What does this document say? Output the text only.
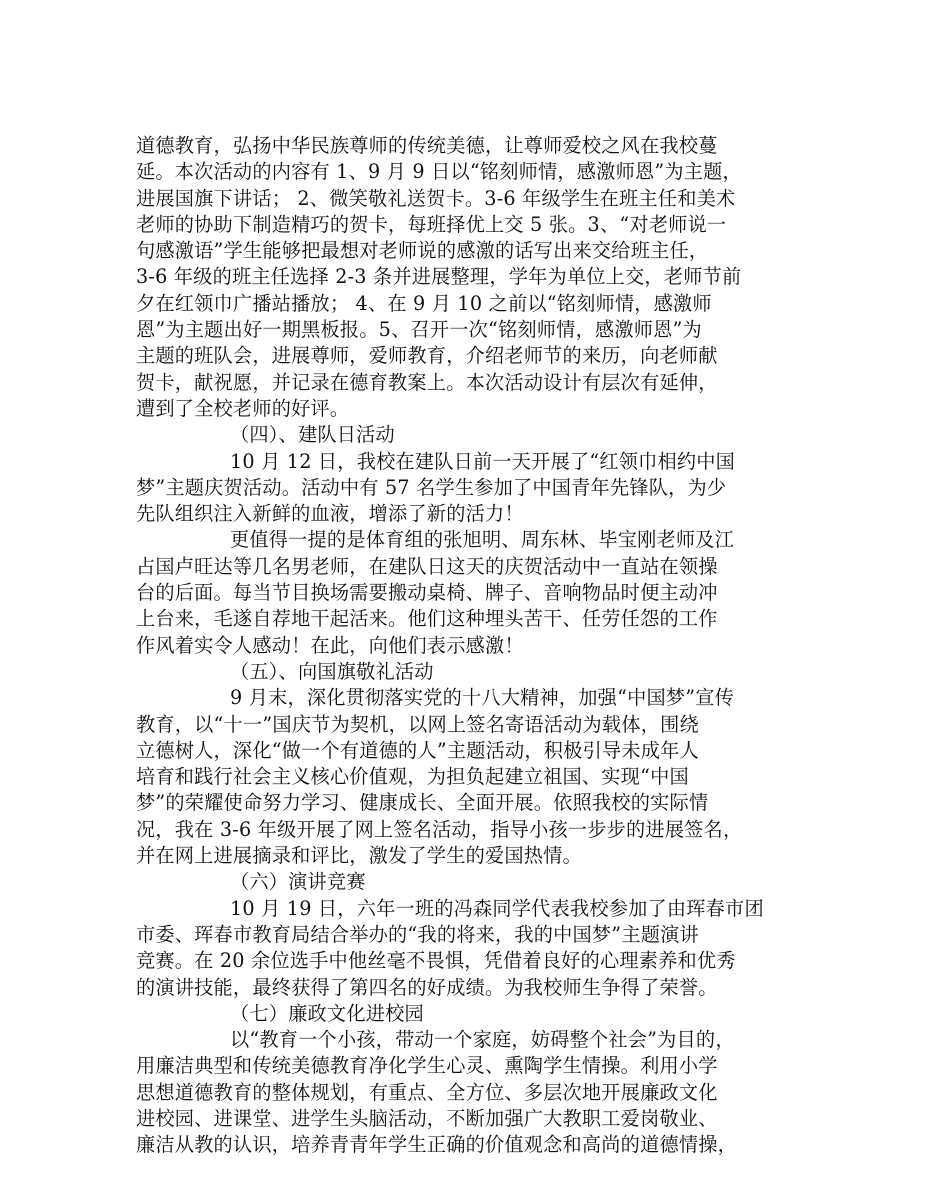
道德教育，弘扬中华民族尊师的传统美德，让尊师爱校之风在我校蔓
延。本次活动的内容有 1、9 月 9 日以“铭刻师情，感激师恩”为主题，
进展国旗下讲话； 2、微笑敬礼送贺卡。3-6 年级学生在班主任和美术
老师的协助下制造精巧的贺卡，每班择优上交 5 张。3、“对老师说一
句感激语”学生能够把最想对老师说的感激的话写出来交给班主任，
3-6 年级的班主任选择 2-3 条并进展整理，学年为单位上交，老师节前
夕在红领巾广播站播放； 4、在 9 月 10 之前以“铭刻师情，感激师
恩”为主题出好一期黑板报。5、召开一次“铭刻师情，感激师恩”为
主题的班队会，进展尊师，爱师教育，介绍老师节的来历，向老师献
贺卡，献祝愿，并记录在德育教案上。本次活动设计有层次有延伸，
遭到了全校老师的好评。
（四）、建队日活动
10 月 12 日，我校在建队日前一天开展了“红领巾相约中国
梦”主题庆贺活动。活动中有 57 名学生参加了中国青年先锋队，为少
先队组织注入新鲜的血液，增添了新的活力！
更值得一提的是体育组的张旭明、周东林、毕宝刚老师及江
占国卢旺达等几名男老师，在建队日这天的庆贺活动中一直站在领操
台的后面。每当节目换场需要搬动桌椅、牌子、音响物品时便主动冲
上台来，毛遂自荐地干起活来。他们这种埋头苦干、任劳任怨的工作
作风着实令人感动！在此，向他们表示感激！
（五）、向国旗敬礼活动
9 月末，深化贯彻落实党的十八大精神，加强“中国梦”宣传
教育，以“十一”国庆节为契机，以网上签名寄语活动为载体，围绕
立德树人，深化“做一个有道德的人”主题活动，积极引导未成年人
培育和践行社会主义核心价值观，为担负起建立祖国、实现“中国
梦”的荣耀使命努力学习、健康成长、全面开展。依照我校的实际情
况，我在 3-6 年级开展了网上签名活动，指导小孩一步步的进展签名，
并在网上进展摘录和评比，激发了学生的爱国热情。
（六）演讲竞赛
10 月 19 日，六年一班的冯森同学代表我校参加了由珲春市团
市委、珲春市教育局结合举办的“我的将来，我的中国梦”主题演讲
竞赛。在 20 余位选手中他丝毫不畏惧，凭借着良好的心理素养和优秀
的演讲技能，最终获得了第四名的好成绩。为我校师生争得了荣誉。
（七）廉政文化进校园
以“教育一个小孩，带动一个家庭，妨碍整个社会”为目的，
用廉洁典型和传统美德教育净化学生心灵、熏陶学生情操。利用小学
思想道德教育的整体规划，有重点、全方位、多层次地开展廉政文化
进校园、进课堂、进学生头脑活动，不断加强广大教职工爱岗敬业、
廉洁从教的认识，培养青青年学生正确的价值观念和高尚的道德情操，
